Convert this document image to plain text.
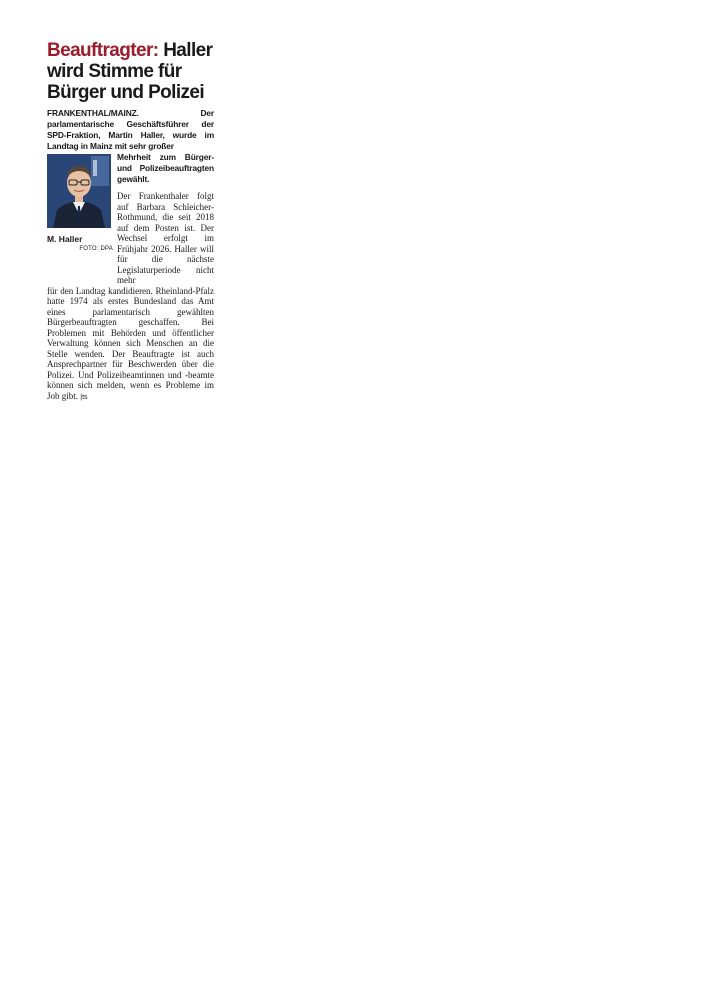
Beauftragter: Haller wird Stimme für Bürger und Polizei
FRANKENTHAL/MAINZ.	Der parlamentarische Geschäftsführer der SPD-Fraktion, Martin Haller, wurde im Landtag in Mainz mit sehr großer
M. Haller
FOTO: DPA
Mehrheit zum Bürger- und Polizeibeauftragten gewählt.
Der Frankenthaler folgt auf Barbara Schleicher-Rothmund, die seit 2018 auf dem Posten ist. Der Wechsel erfolgt im Frühjahr 2026. Haller will für die nächste Legislaturperiode nicht mehr
für den Landtag kandidieren. Rheinland-Pfalz hatte 1974 als erstes Bundesland das Amt eines parlamentarisch gewählten Bürgerbeauftragten geschaffen. Bei Problemen mit Behörden und öffentlicher Verwaltung können sich Menschen an die Stelle wenden. Der Beauftragte ist auch Ansprechpartner für Beschwerden über die Polizei. Und Polizeibeamtinnen und -beamte können sich melden, wenn es Probleme im Job gibt. |ts
